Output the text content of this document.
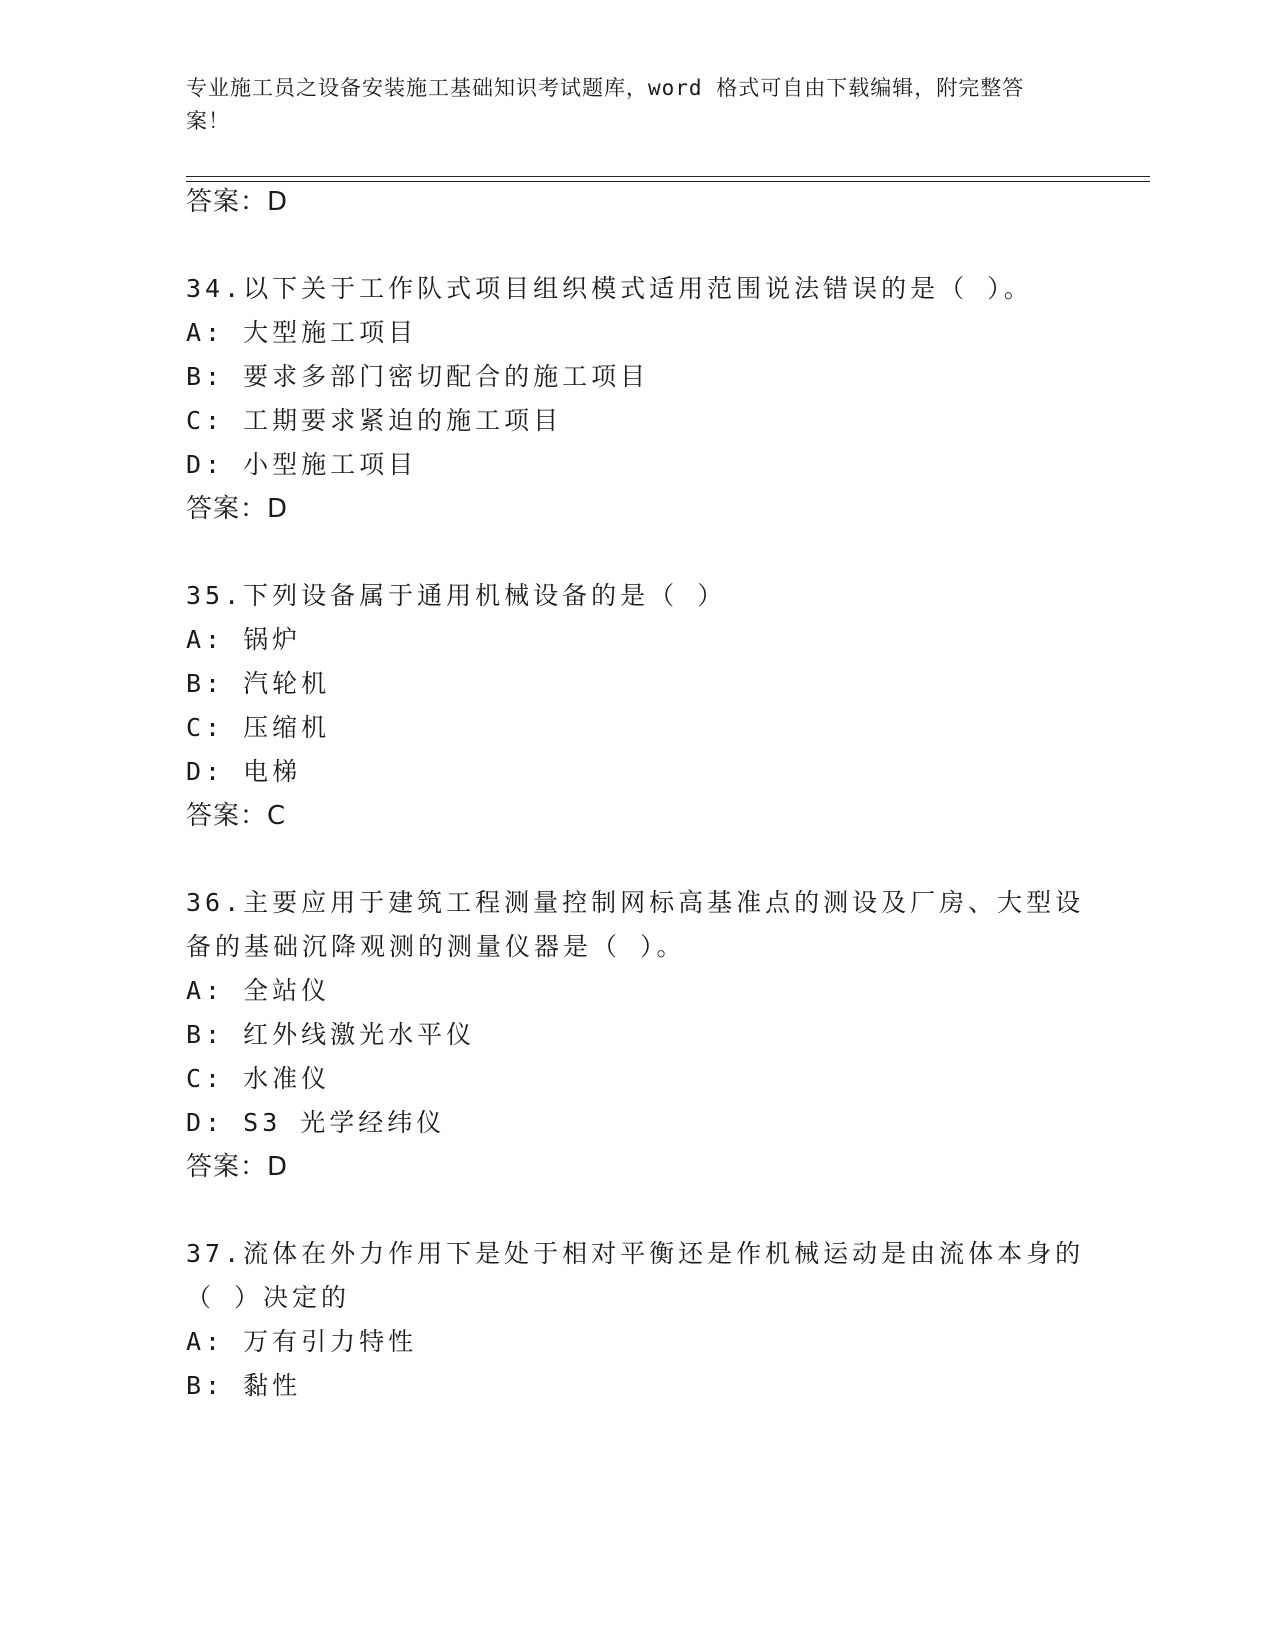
专业施工员之设备安装施工基础知识考试题库，word 格式可自由下载编辑，附完整答案！
答案：D
34.以下关于工作队式项目组织模式适用范围说法错误的是（ ）。
A: 大型施工项目
B: 要求多部门密切配合的施工项目
C: 工期要求紧迫的施工项目
D: 小型施工项目
答案：D
35.下列设备属于通用机械设备的是（ ）
A: 锅炉
B: 汽轮机
C: 压缩机
D: 电梯
答案：C
36.主要应用于建筑工程测量控制网标高基准点的测设及厂房、大型设
备的基础沉降观测的测量仪器是（ ）。
A: 全站仪
B: 红外线激光水平仪
C: 水准仪
D: S3 光学经纬仪
答案：D
37.流体在外力作用下是处于相对平衡还是作机械运动是由流体本身的
（ ）决定的
A: 万有引力特性
B: 黏性
